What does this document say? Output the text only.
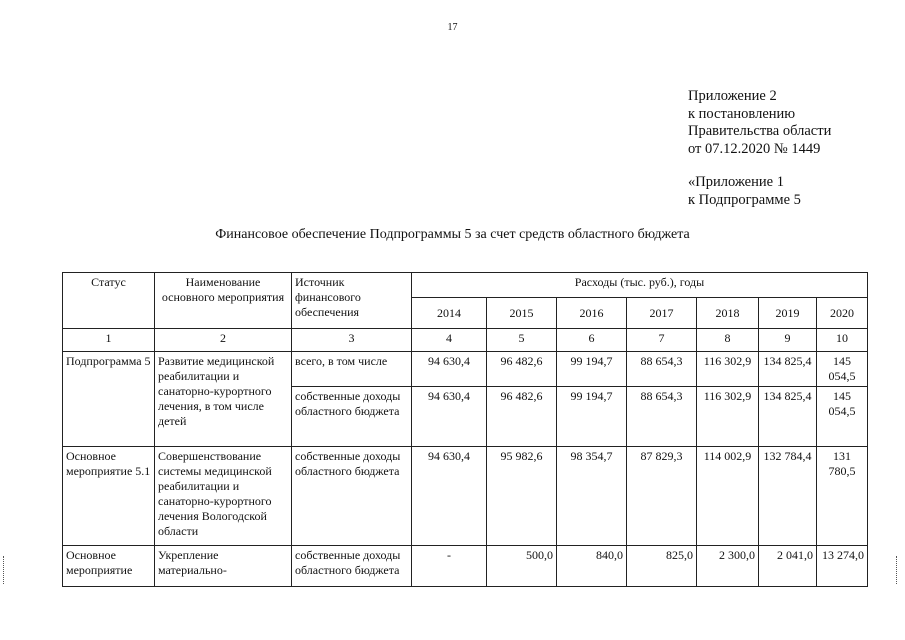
17
Приложение 2
к постановлению
Правительства области
от 07.12.2020 № 1449
«Приложение 1
к Подпрограмме 5
Финансовое обеспечение Подпрограммы 5 за счет средств областного бюджета
Статус	Наименование основного мероприятия	Источник финансового обеспечения	Расходы (тыс. руб.), годы						
			2014	2015	2016	2017	2018	2019	2020
1	2	3	4	5	6	7	8	9	10
Подпрограмма 5	Развитие медицинской реабилитации и санаторно-курортного лечения, в том числе детей	всего, в том числе	94 630,4	96 482,6	99 194,7	88 654,3	116 302,9	134 825,4	145 054,5
		собственные доходы областного бюджета	94 630,4	96 482,6	99 194,7	88 654,3	116 302,9	134 825,4	145 054,5
Основное мероприятие 5.1	Совершенствование системы медицинской реабилитации и санаторно-курортного лечения Вологодской области	собственные доходы областного бюджета	94 630,4	95 982,6	98 354,7	87 829,3	114 002,9	132 784,4	131 780,5
Основное мероприятие	Укрепление материально-	собственные доходы областного бюджета	-	500,0	840,0	825,0	2 300,0	2 041,0	13 274,0
